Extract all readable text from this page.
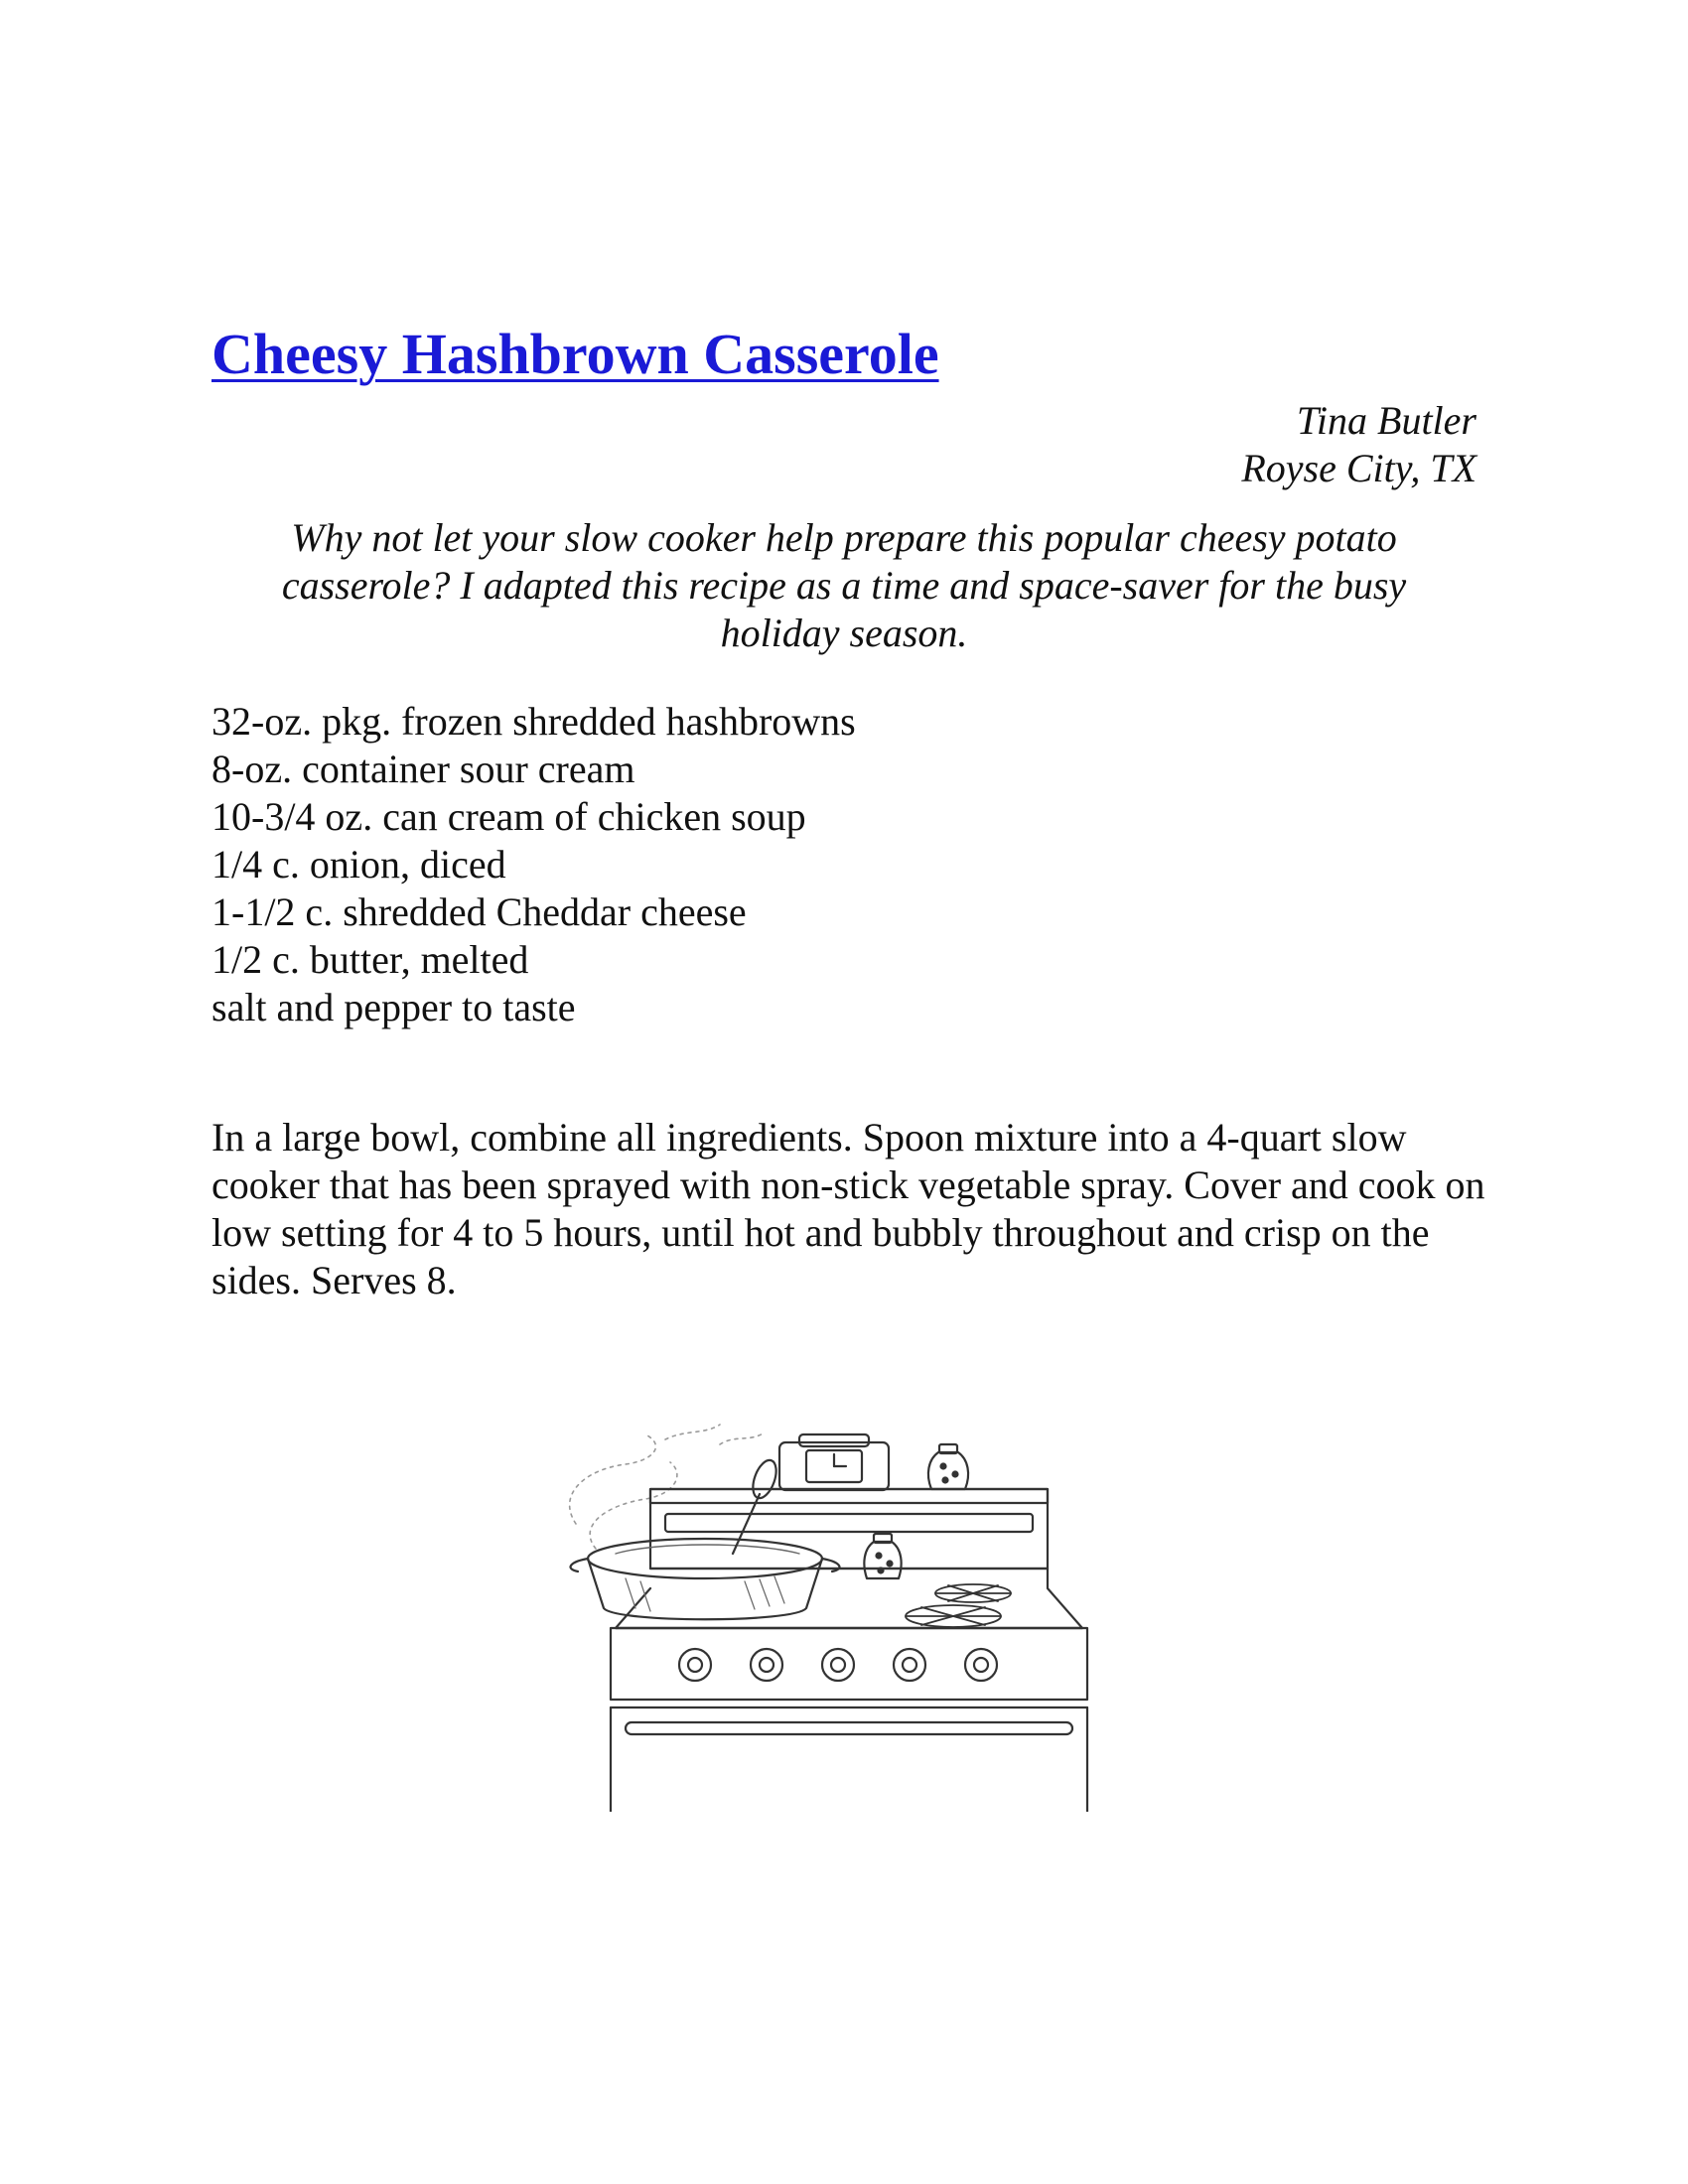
Cheesy Hashbrown Casserole
Tina Butler
Royse City, TX

Why not let your slow cooker help prepare this popular cheesy potato casserole? I adapted this recipe as a time and space-saver for the busy holiday season.

32-oz. pkg. frozen shredded hashbrowns
8-oz. container sour cream
10-3/4 oz. can cream of chicken soup
1/4 c. onion, diced
1-1/2 c. shredded Cheddar cheese
1/2 c. butter, melted
salt and pepper to taste

In a large bowl, combine all ingredients. Spoon mixture into a 4-quart slow cooker that has been sprayed with non-stick vegetable spray. Cover and cook on low setting for 4 to 5 hours, until hot and bubbly throughout and crisp on the sides. Serves 8.
